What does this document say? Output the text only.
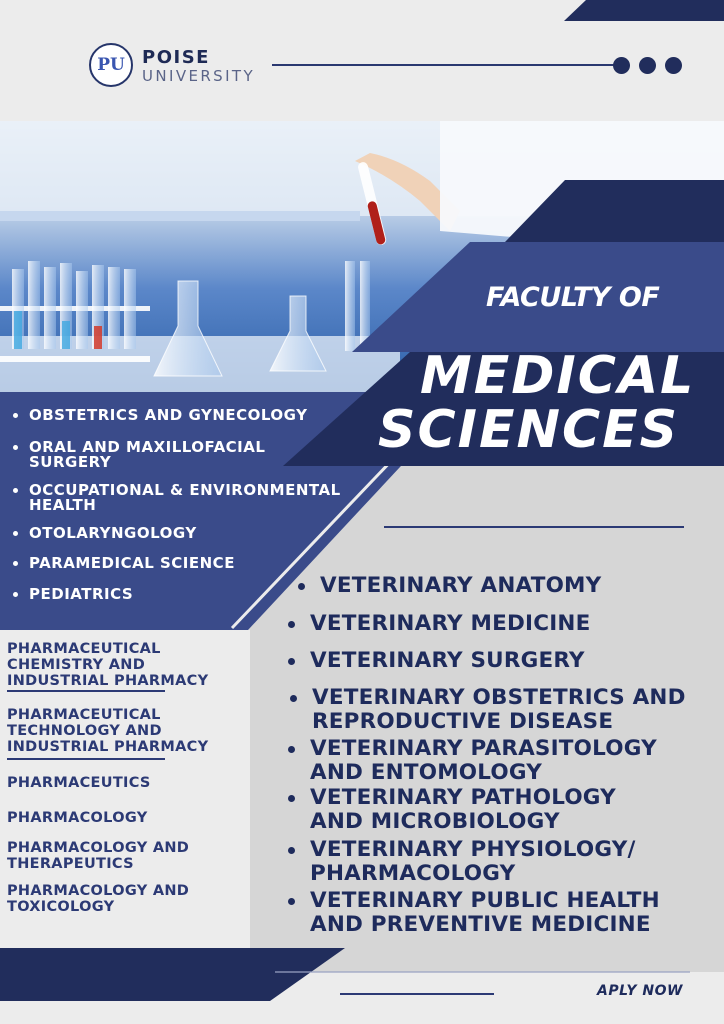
PU POISE
UNIVERSITY
FACULTY OF
MEDICAL
SCIENCES
OBSTETRICS AND GYNECOLOGY
ORAL AND MAXILLOFACIAL SURGERY
OCCUPATIONAL & ENVIRONMENTAL HEALTH
OTOLARYNGOLOGY
PARAMEDICAL SCIENCE
PEDIATRICS
PHARMACEUTICAL CHEMISTRY AND INDUSTRIAL PHARMACY
PHARMACEUTICAL TECHNOLOGY AND INDUSTRIAL PHARMACY
PHARMACEUTICS
PHARMACOLOGY
PHARMACOLOGY AND THERAPEUTICS
PHARMACOLOGY AND TOXICOLOGY
VETERINARY ANATOMY
VETERINARY MEDICINE
VETERINARY SURGERY
VETERINARY OBSTETRICS AND REPRODUCTIVE DISEASE
VETERINARY PARASITOLOGY AND ENTOMOLOGY
VETERINARY PATHOLOGY AND MICROBIOLOGY
VETERINARY PHYSIOLOGY/ PHARMACOLOGY
VETERINARY PUBLIC HEALTH AND PREVENTIVE MEDICINE
APLY NOW
